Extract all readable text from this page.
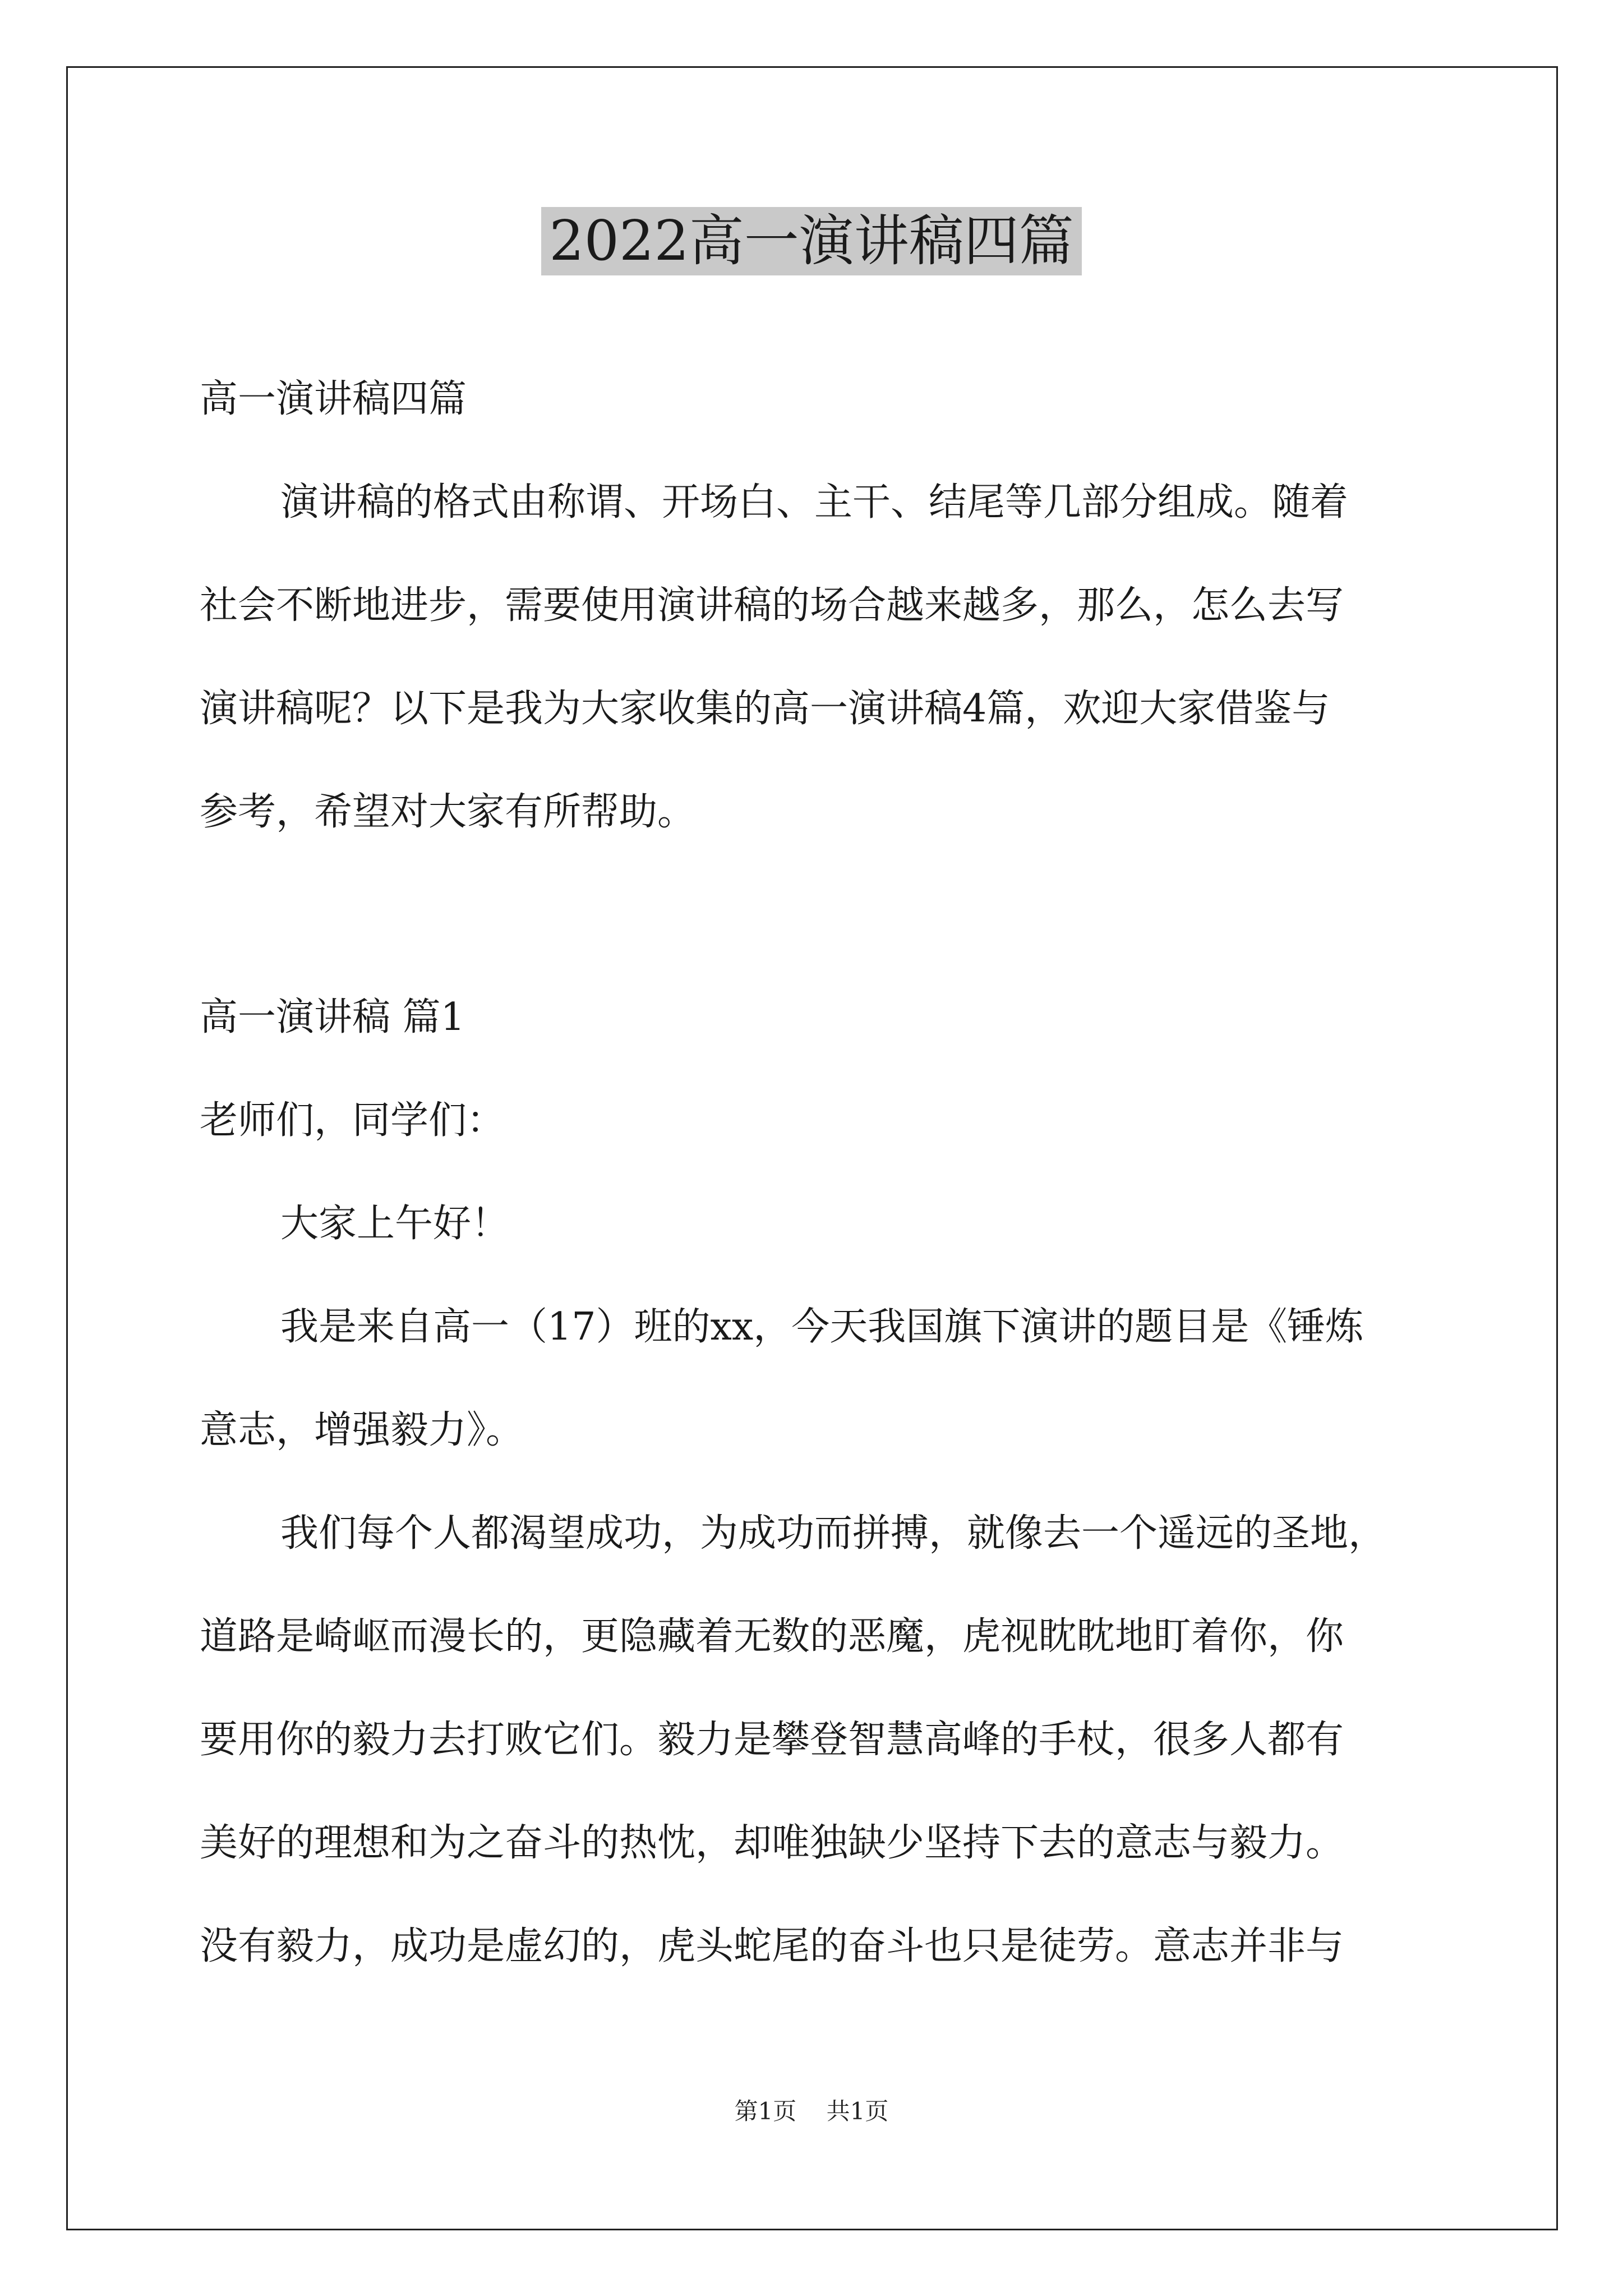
2022高一演讲稿四篇
高一演讲稿四篇
演讲稿的格式由称谓、开场白、主干、结尾等几部分组成。随着
社会不断地进步，需要使用演讲稿的场合越来越多，那么，怎么去写
演讲稿呢？以下是我为大家收集的高一演讲稿4篇，欢迎大家借鉴与
参考，希望对大家有所帮助。
高一演讲稿 篇1
老师们，同学们：
大家上午好！
我是来自高一（17）班的xx，今天我国旗下演讲的题目是《锤炼
意志，增强毅力》。
我们每个人都渴望成功，为成功而拼搏，就像去一个遥远的圣地，
道路是崎岖而漫长的，更隐藏着无数的恶魔，虎视眈眈地盯着你，你
要用你的毅力去打败它们。毅力是攀登智慧高峰的手杖，很多人都有
美好的理想和为之奋斗的热忱，却唯独缺少坚持下去的意志与毅力。
没有毅力，成功是虚幻的，虎头蛇尾的奋斗也只是徒劳。意志并非与
第1页 共1页
